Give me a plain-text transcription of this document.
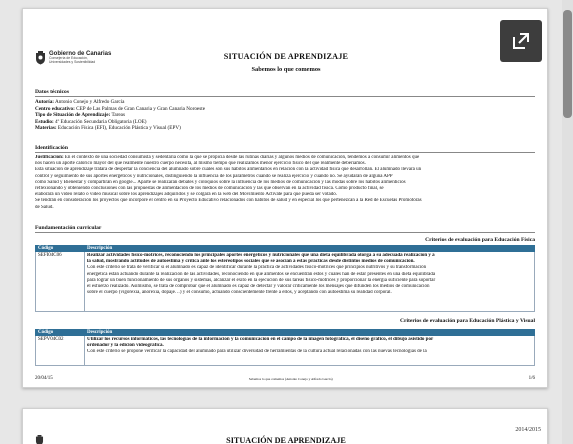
Gobierno de Canarias
Consejería de Educación,
Universidades y Sostenibilidad
SITUACIÓN DE APRENDIZAJE
Sabemos lo que comemos
Datos técnicos
Autoría: Antonio Conejo y Alfredo García
Centro educativo: CEP de Las Palmas de Gran Canaria y Gran Canaria Noroeste
Tipo de Situación de Aprendizaje: Tareas
Estudio: 4º Educación Secundaria Obligatoria (LOE)
Materias: Educación Física (EFI), Educación Plástica y Visual (EPV)
Identificación
Justificación: En el contexto de una sociedad consumista y sedentaria como la que se propicia desde las rutinas diarias y algunos medios de comunicación, tendemos a consumir alimentos que
nos hacen un aporte calórico mayor del que realmente nuestro cuerpo necesita, al mismo tiempo que realizamos menor ejercicio físico del que realmente deberíamos.
Esta situación de aprendizaje tratará de despertar la conciencia del alumnado sobre cuáles son sus hábitos alimentarios en relación con la actividad física que desarrollan. El alumnado llevará un
control y seguimiento de sus aportes energéticos y nutricionales, distinguiendo la influencia de los parámetros cuando se realiza ejercicio y cuando no. Se ayudarán de alguna APP
como Salud y Bienestar y compartirán en google... Aparte se realizarán debates y coloquios sobre la influencia de los medios de comunicación y las modas sobre los hábitos alimenticios
reflexionando y obteniendo conclusiones con las propuestas de alimentación de los medios de comunicación y las que observan en la actividad física. Como producto final, se
elaborará un vídeo relato o vídeo musical sobre los aprendizajes adquiridos y se colgará en la web del Movimiento Actívate para que pueda ser votado.
Se tendrán en consideración los proyectos que incorporé el centro en su Proyecto Educativo relacionados con hábitos de salud y en especial los que pertenezcan a la Red de Escuelas Promotoras
de Salud.
Fundamentación curricular
Criterios de evaluación para Educación Física
Código	Descripción
SEFI04C06	Realizar actividades físico-motrices, reconociendo los principales aportes energéticos y nutricionales que una dieta equilibrada otorga a su adecuada realización y a
la salud, mostrando actitudes de autoestima y crítica ante los estereotipos sociales que se asocian a estas prácticas desde distintos medios de comunicación.
Con este criterio se trata de verificar si el alumnado es capaz de identificar durante la práctica de actividades físico-motrices qué principios nutritivos y su transformación
energética están actuando durante la realización de las actividades, reconociendo en qué alimentos se encuentran éstos y cuáles han de estar presentes en una dieta equilibrada
para lograr un buen funcionamiento de sus órganos y sistemas, alcanzar el éxito en la ejecución de sus tareas físico-motrices y proporcionar la energía suficiente para soportar
el esfuerzo realizado. Asimismo, se trata de comprobar que el alumnado es capaz de detectar y valorar críticamente los mensajes que difunden los medios de comunicación
sobre el cuerpo (vigorexia, anorexia, dopaje…) y el consumo, actuando conscientemente frente a ellos, y aceptando con autoestima su realidad corporal.
Criterios de evaluación para Educación Plástica y Visual
Código	Descripción
SEPV04C02	Utilizar los recursos informáticos, las tecnologías de la información y la comunicación en el campo de la imagen fotográfica, el diseño gráfico, el dibujo asistido por
ordenador y la edición videográfica.
Con este criterio se propone verificar la capacidad del alumnado para utilizar diversidad de herramientas de la cultura actual relacionadas con las nuevas tecnologías de la
20/04/15	Sabemos lo que comemos (Antonio Conejo y Alfredo García)	1/6
2014/2015
SITUACIÓN DE APRENDIZAJE
